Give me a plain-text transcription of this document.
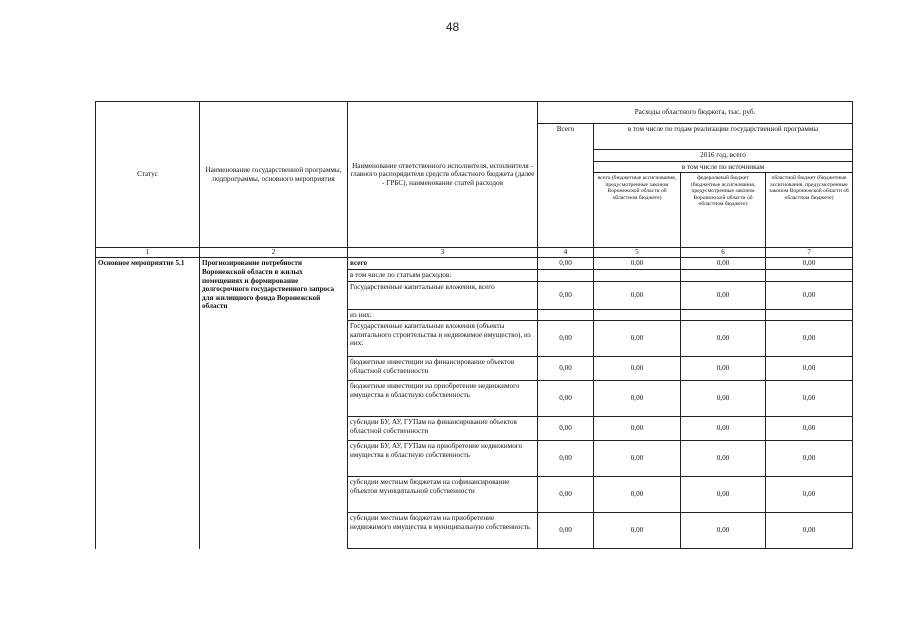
48
Статус	Наименование государственной программы, подпрограммы, основного мероприятия	Наименование ответственного исполнителя, исполнителя - главного распорядителя средств областного бюджета (далее - ГРБС), наименование статей расходов	Расходы областного бюджета, тыс. руб.			
			Всего	в том числе по годам реализации государственной программы		
				2016 год, всего		
				в том числе по источникам		
				всего (бюджетные ассигнования, предусмотренные законом Воронежской области об областном бюджете)	федеральный бюджет (бюджетные ассигнования, предусмотренные законом Воронежской области об областном бюджете)	областной бюджет (бюджетные ассигнования, предусмотренные законом Воронежской области об областном бюджете)
1	2	3	4	5	6	7
Основное мероприятие 5.1	Прогнозирование потребности Воронежской области в жилых помещениях и формирование долгосрочного государственного запроса для жилищного фонда Воронежской области	всего	0,00	0,00	0,00	0,00
		в том числе по статьям расходов:				
		Государственные капитальные вложения, всего	0,00	0,00	0,00	0,00
		из них:				
		Государственные капитальные вложения (объекты капитального строительства и недвижимое имущество), из них:	0,00	0,00	0,00	0,00
		бюджетные инвестиции на финансирование объектов областной собственности	0,00	0,00	0,00	0,00
		бюджетные инвестиции на приобретение недвижимого имущества в областную собственность	0,00	0,00	0,00	0,00
		субсидии БУ, АУ, ГУПам на финансирование объектов областной собственности	0,00	0,00	0,00	0,00
		субсидии БУ, АУ, ГУПам на приобретение недвижимого имущества в областную собственность	0,00	0,00	0,00	0,00
		субсидии местным бюджетам на софинансирование объектов муниципальной собственности	0,00	0,00	0,00	0,00
		субсидии местным бюджетам на приобретение недвижимого имущества в муниципальную собственность	0,00	0,00	0,00	0,00
